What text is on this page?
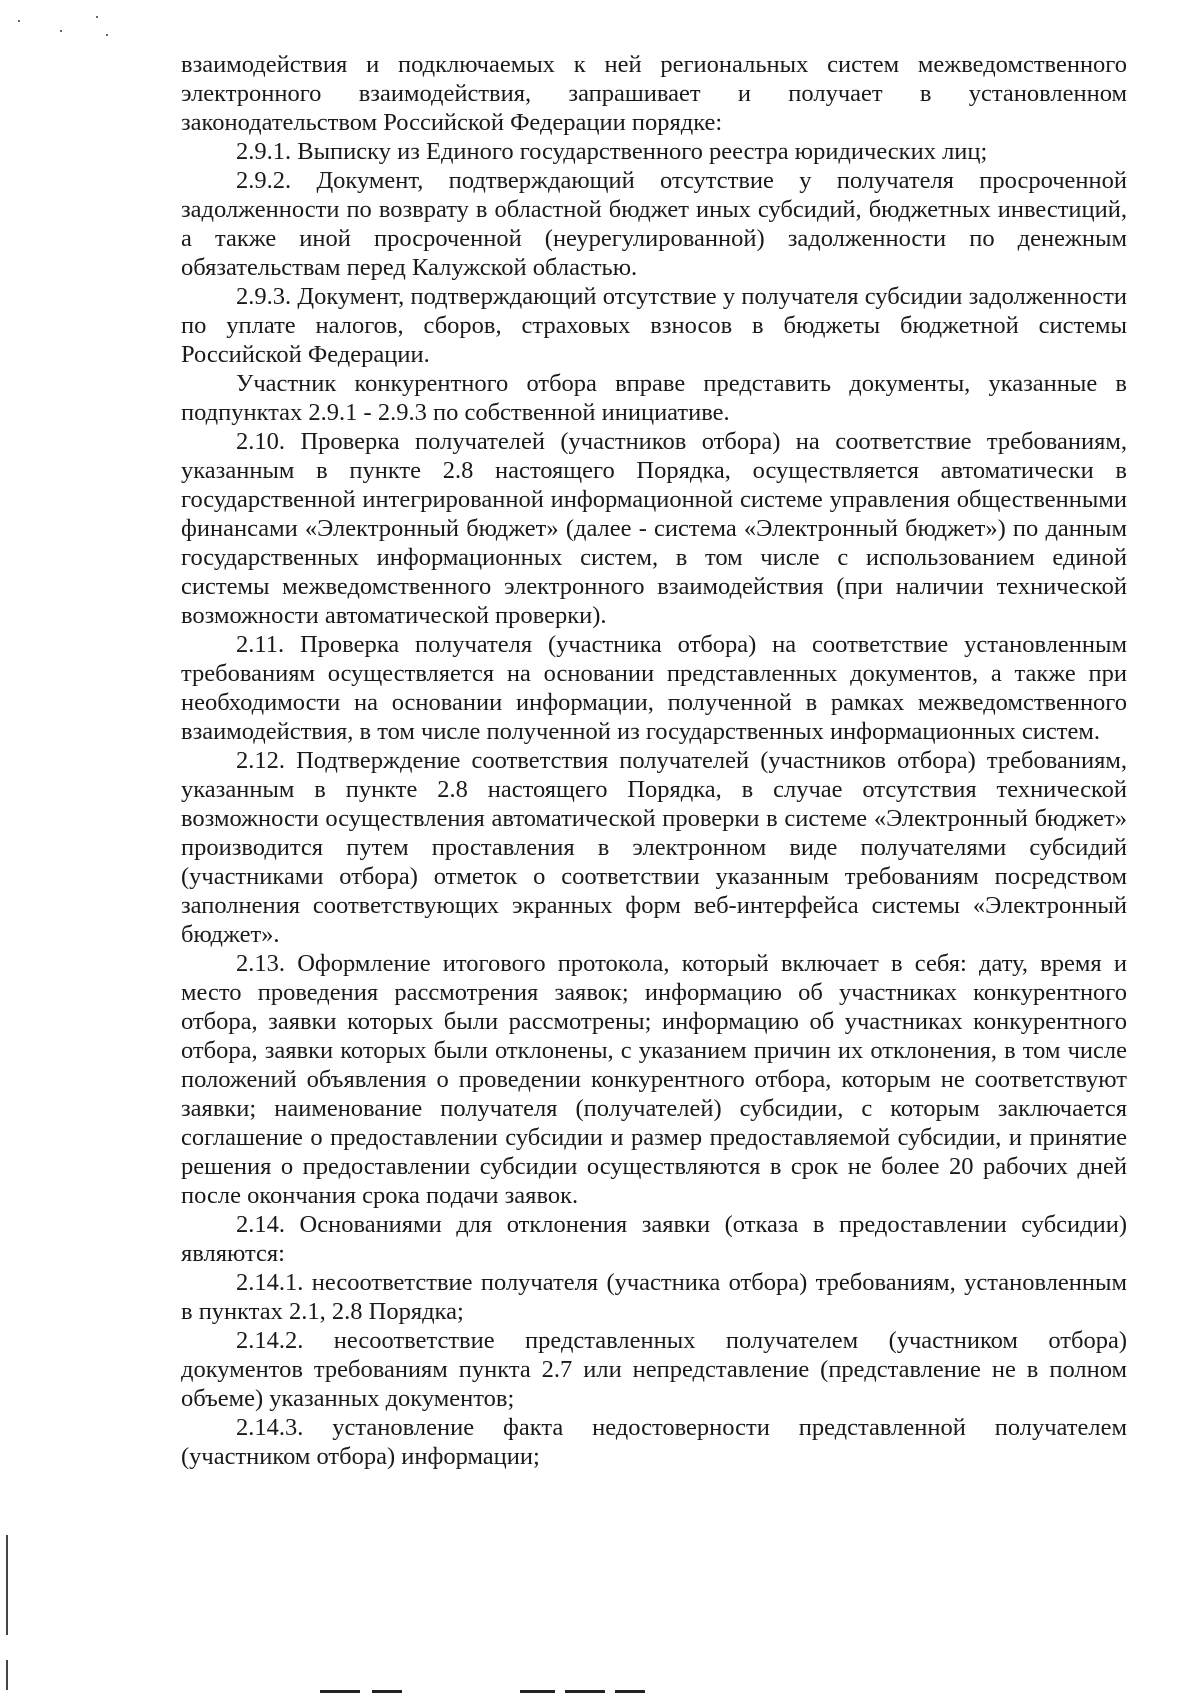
взаимодействия и подключаемых к ней региональных систем межведомственного электронного взаимодействия, запрашивает и получает в установленном законодательством Российской Федерации порядке:

2.9.1. Выписку из Единого государственного реестра юридических лиц;

2.9.2. Документ, подтверждающий отсутствие у получателя просроченной задолженности по возврату в областной бюджет иных субсидий, бюджетных инвестиций, а также иной просроченной (неурегулированной) задолженности по денежным обязательствам перед Калужской областью.

2.9.3. Документ, подтверждающий отсутствие у получателя субсидии задолженности по уплате налогов, сборов, страховых взносов в бюджеты бюджетной системы Российской Федерации.

Участник конкурентного отбора вправе представить документы, указанные в подпунктах 2.9.1 - 2.9.3 по собственной инициативе.

2.10. Проверка получателей (участников отбора) на соответствие требованиям, указанным в пункте 2.8 настоящего Порядка, осуществляется автоматически в государственной интегрированной информационной системе управления общественными финансами «Электронный бюджет» (далее - система «Электронный бюджет») по данным государственных информационных систем, в том числе с использованием единой системы межведомственного электронного взаимодействия (при наличии технической возможности автоматической проверки).

2.11. Проверка получателя (участника отбора) на соответствие установленным требованиям осуществляется на основании представленных документов, а также при необходимости на основании информации, полученной в рамках межведомственного взаимодействия, в том числе полученной из государственных информационных систем.

2.12. Подтверждение соответствия получателей (участников отбора) требованиям, указанным в пункте 2.8 настоящего Порядка, в случае отсутствия технической возможности осуществления автоматической проверки в системе «Электронный бюджет» производится путем проставления в электронном виде получателями субсидий (участниками отбора) отметок о соответствии указанным требованиям посредством заполнения соответствующих экранных форм веб-интерфейса системы «Электронный бюджет».

2.13. Оформление итогового протокола, который включает в себя: дату, время и место проведения рассмотрения заявок; информацию об участниках конкурентного отбора, заявки которых были рассмотрены; информацию об участниках конкурентного отбора, заявки которых были отклонены, с указанием причин их отклонения, в том числе положений объявления о проведении конкурентного отбора, которым не соответствуют заявки; наименование получателя (получателей) субсидии, с которым заключается соглашение о предоставлении субсидии и размер предоставляемой субсидии, и принятие решения о предоставлении субсидии осуществляются в срок не более 20 рабочих дней после окончания срока подачи заявок.

2.14. Основаниями для отклонения заявки (отказа в предоставлении субсидии) являются:

2.14.1. несоответствие получателя (участника отбора) требованиям, установленным в пунктах 2.1, 2.8 Порядка;

2.14.2. несоответствие представленных получателем (участником отбора) документов требованиям пункта 2.7 или непредставление (представление не в полном объеме) указанных документов;

2.14.3. установление факта недостоверности представленной получателем (участником отбора) информации;
